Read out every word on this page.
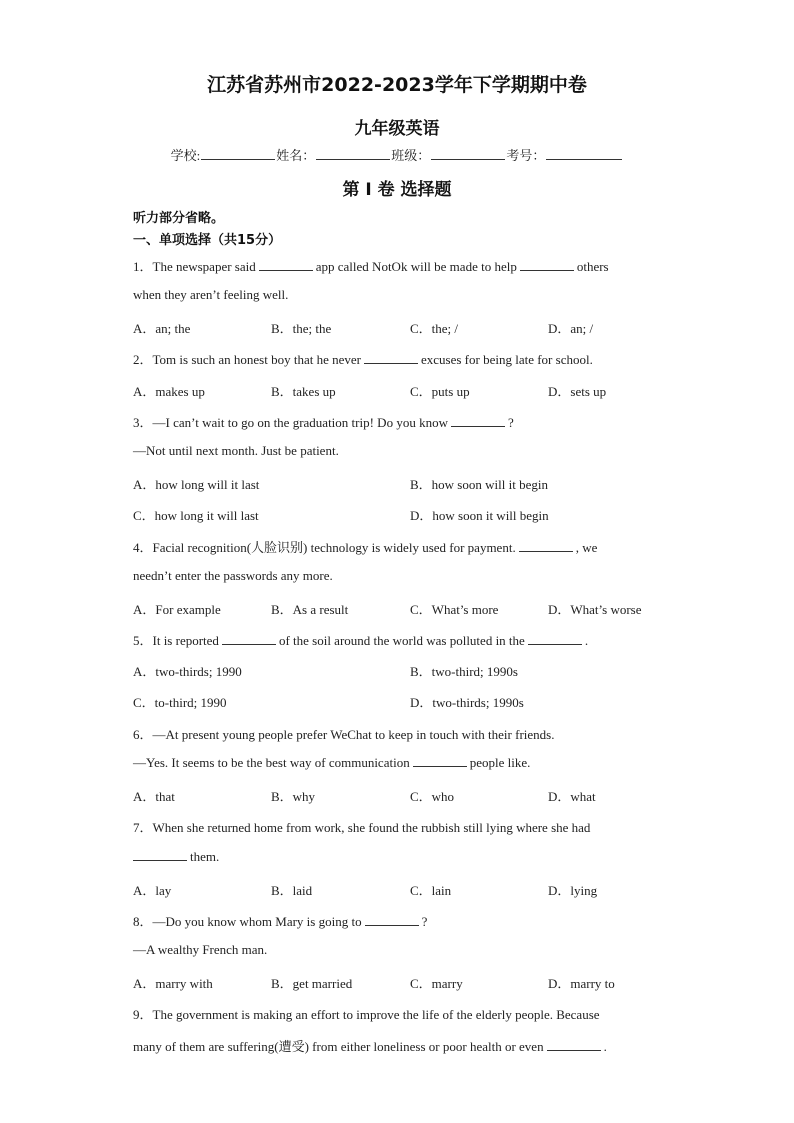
江苏省苏州市2022-2023学年下学期期中卷
九年级英语
学校:	姓名：	班级：	考号：
第 I 卷 选择题
听力部分省略。
一、单项选择（共15分）
1．The newspaper said	app called NotOk will be made to help	others
when they aren’t feeling well.
A．an; the	B．the; the	C．the; /	D．an; /
2．Tom is such an honest boy that he never	excuses for being late for school.
A．makes up	B．takes up	C．puts up	D．sets up
3．—I can’t wait to go on the graduation trip! Do you know	?
—Not until next month. Just be patient.
A．how long will it last	B．how soon will it begin
C．how long it will last	D．how soon it will begin
4．Facial recognition(人脸识别) technology is widely used for payment.	, we
needn’t enter the passwords any more.
A．For example	B．As a result	C．What’s more	D．What’s worse
5．It is reported	of the soil around the world was polluted in the	.
A．two-thirds; 1990	B．two-third; 1990s
C．to-third; 1990	D．two-thirds; 1990s
6．—At present young people prefer WeChat to keep in touch with their friends.
—Yes. It seems to be the best way of communication	people like.
A．that	B．why	C．who	D．what
7．When she returned home from work, she found the rubbish still lying where she had
them.
A．lay	B．laid	C．lain	D．lying
8．—Do you know whom Mary is going to	?
—A wealthy French man.
A．marry with	B．get married	C．marry	D．marry to
9．The government is making an effort to improve the life of the elderly people. Because
many of them are suffering(遭受) from either loneliness or poor health or even	.
